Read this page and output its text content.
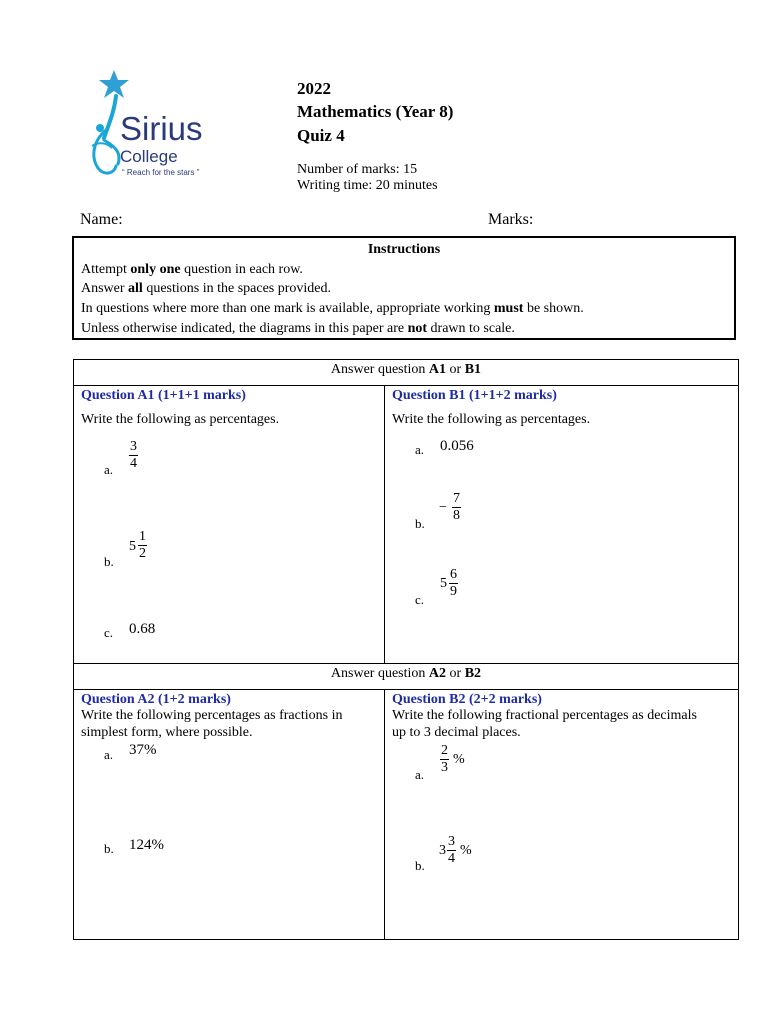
Sirius
College
“ Reach for the stars ”
2022
Mathematics (Year 8)
Quiz 4
Number of marks: 15
Writing time: 20 minutes
Name:	Marks:
Instructions
Attempt only one question in each row.
Answer all questions in the spaces provided.
In questions where more than one mark is available, appropriate working must be shown.
Unless otherwise indicated, the diagrams in this paper are not drawn to scale.
Answer question A1 or B1
Question A1 (1+1+1 marks)
Write the following as percentages.
a. $\frac{3}{4}$
b.
$5 \frac{1}{2}$
c. 0.68
Question B1 (1+1+2 marks)
Write the following as percentages.
a. 0.056
b.
− $\frac{7}{8}$
c.
$5 \frac{6}{9}$
Answer question A2 or B2
Question A2 (1+2 marks)
Write the following percentages as fractions in
simplest form, where possible.
a. 37%
b. 124%
Question B2 (2+2 marks)
Write the following fractional percentages as decimals
up to 3 decimal places.
a. $\frac{2}{3}$ %
b.
$3 \frac{3}{4}$ %
